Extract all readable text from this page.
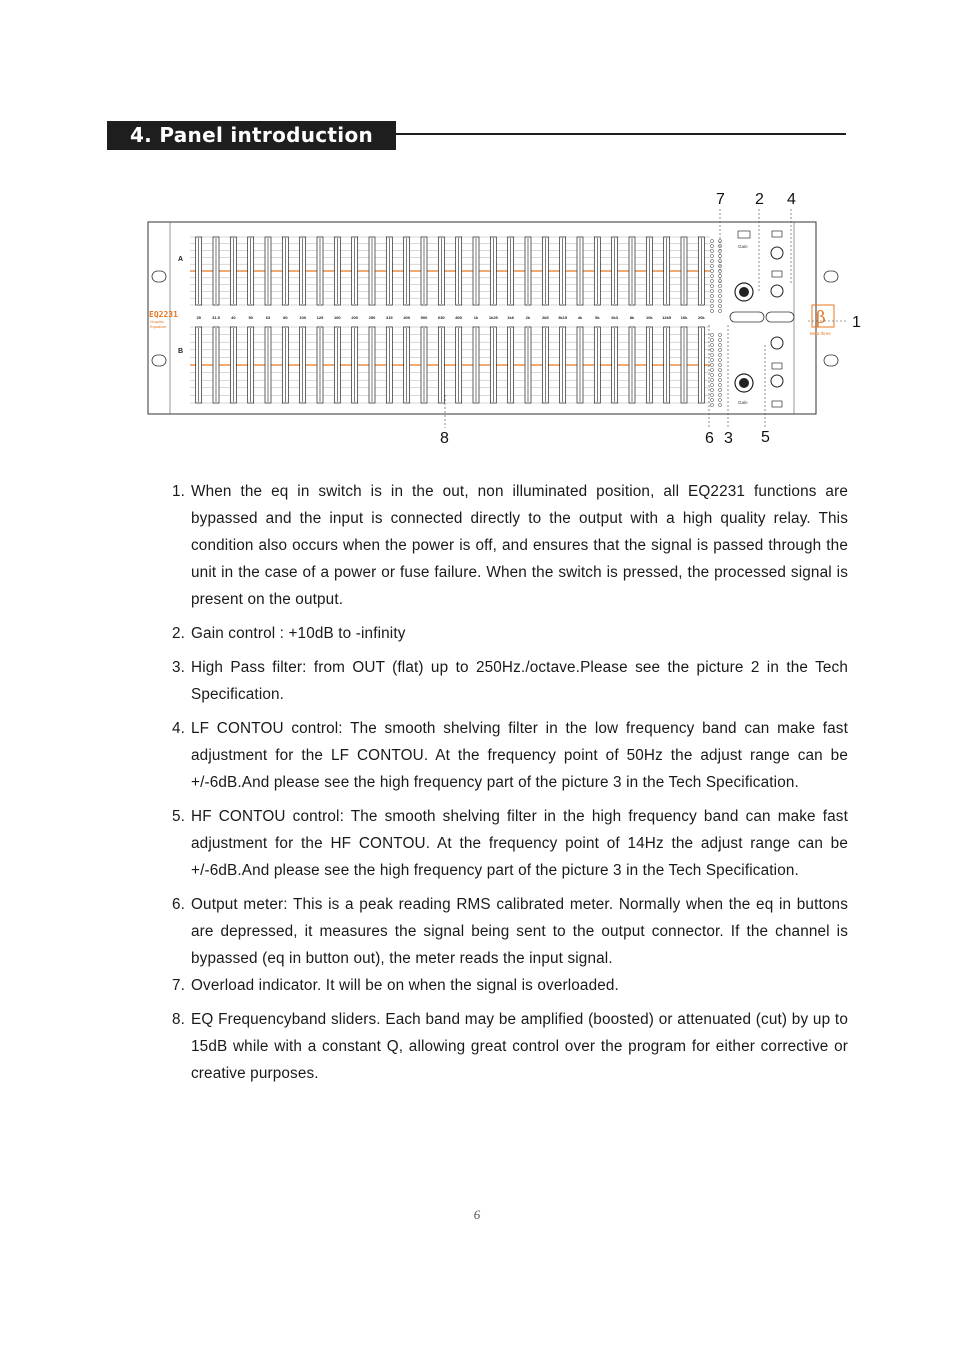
4. Panel introduction
7 2 4
1
8	6 3 5
EQ2231
Graphic
Equalizer
A
B
25	31.5	40	50	63	80	100	125	160	200	250	315	400	500	630	800	1k	1k25 1k6	2k	2k5 3k15	4k	5k	6k3	8k	10k 12k5 16k	20k
Gain
Gain
β
Beta three
1. When the eq in switch is in the out, non illuminated position, all EQ2231 functions are bypassed and the input is connected directly to the output with a high quality relay. This condition also occurs when the power is off, and ensures that the signal is passed through the unit in the case of a power or fuse failure. When the switch is pressed, the processed signal is present on the output.
2. Gain control : +10dB to -infinity
3. High Pass filter: from OUT (flat) up to 250Hz./octave.Please see the picture 2 in the Tech Specification.
4. LF CONTOU control: The smooth shelving filter in the low frequency band can make fast adjustment for the LF CONTOU. At the frequency point of 50Hz the adjust range can be +/-6dB.And please see the high frequency part of the picture 3 in the Tech Specification.
5. HF CONTOU control: The smooth shelving filter in the high frequency band can make fast adjustment for the HF CONTOU. At the frequency point of 14Hz the adjust range can be +/-6dB.And please see the high frequency part of the picture 3 in the Tech Specification.
6. Output meter: This is a peak reading RMS calibrated meter. Normally when the eq in buttons are depressed, it measures the signal being sent to the output connector. If the channel is bypassed (eq in button out), the meter reads the input signal.
7. Overload indicator. It will be on when the signal is overloaded.
8. EQ Frequencyband sliders. Each band may be amplified (boosted) or attenuated (cut) by up to 15dB while with a constant Q, allowing great control over the program for either corrective or creative purposes.
6
